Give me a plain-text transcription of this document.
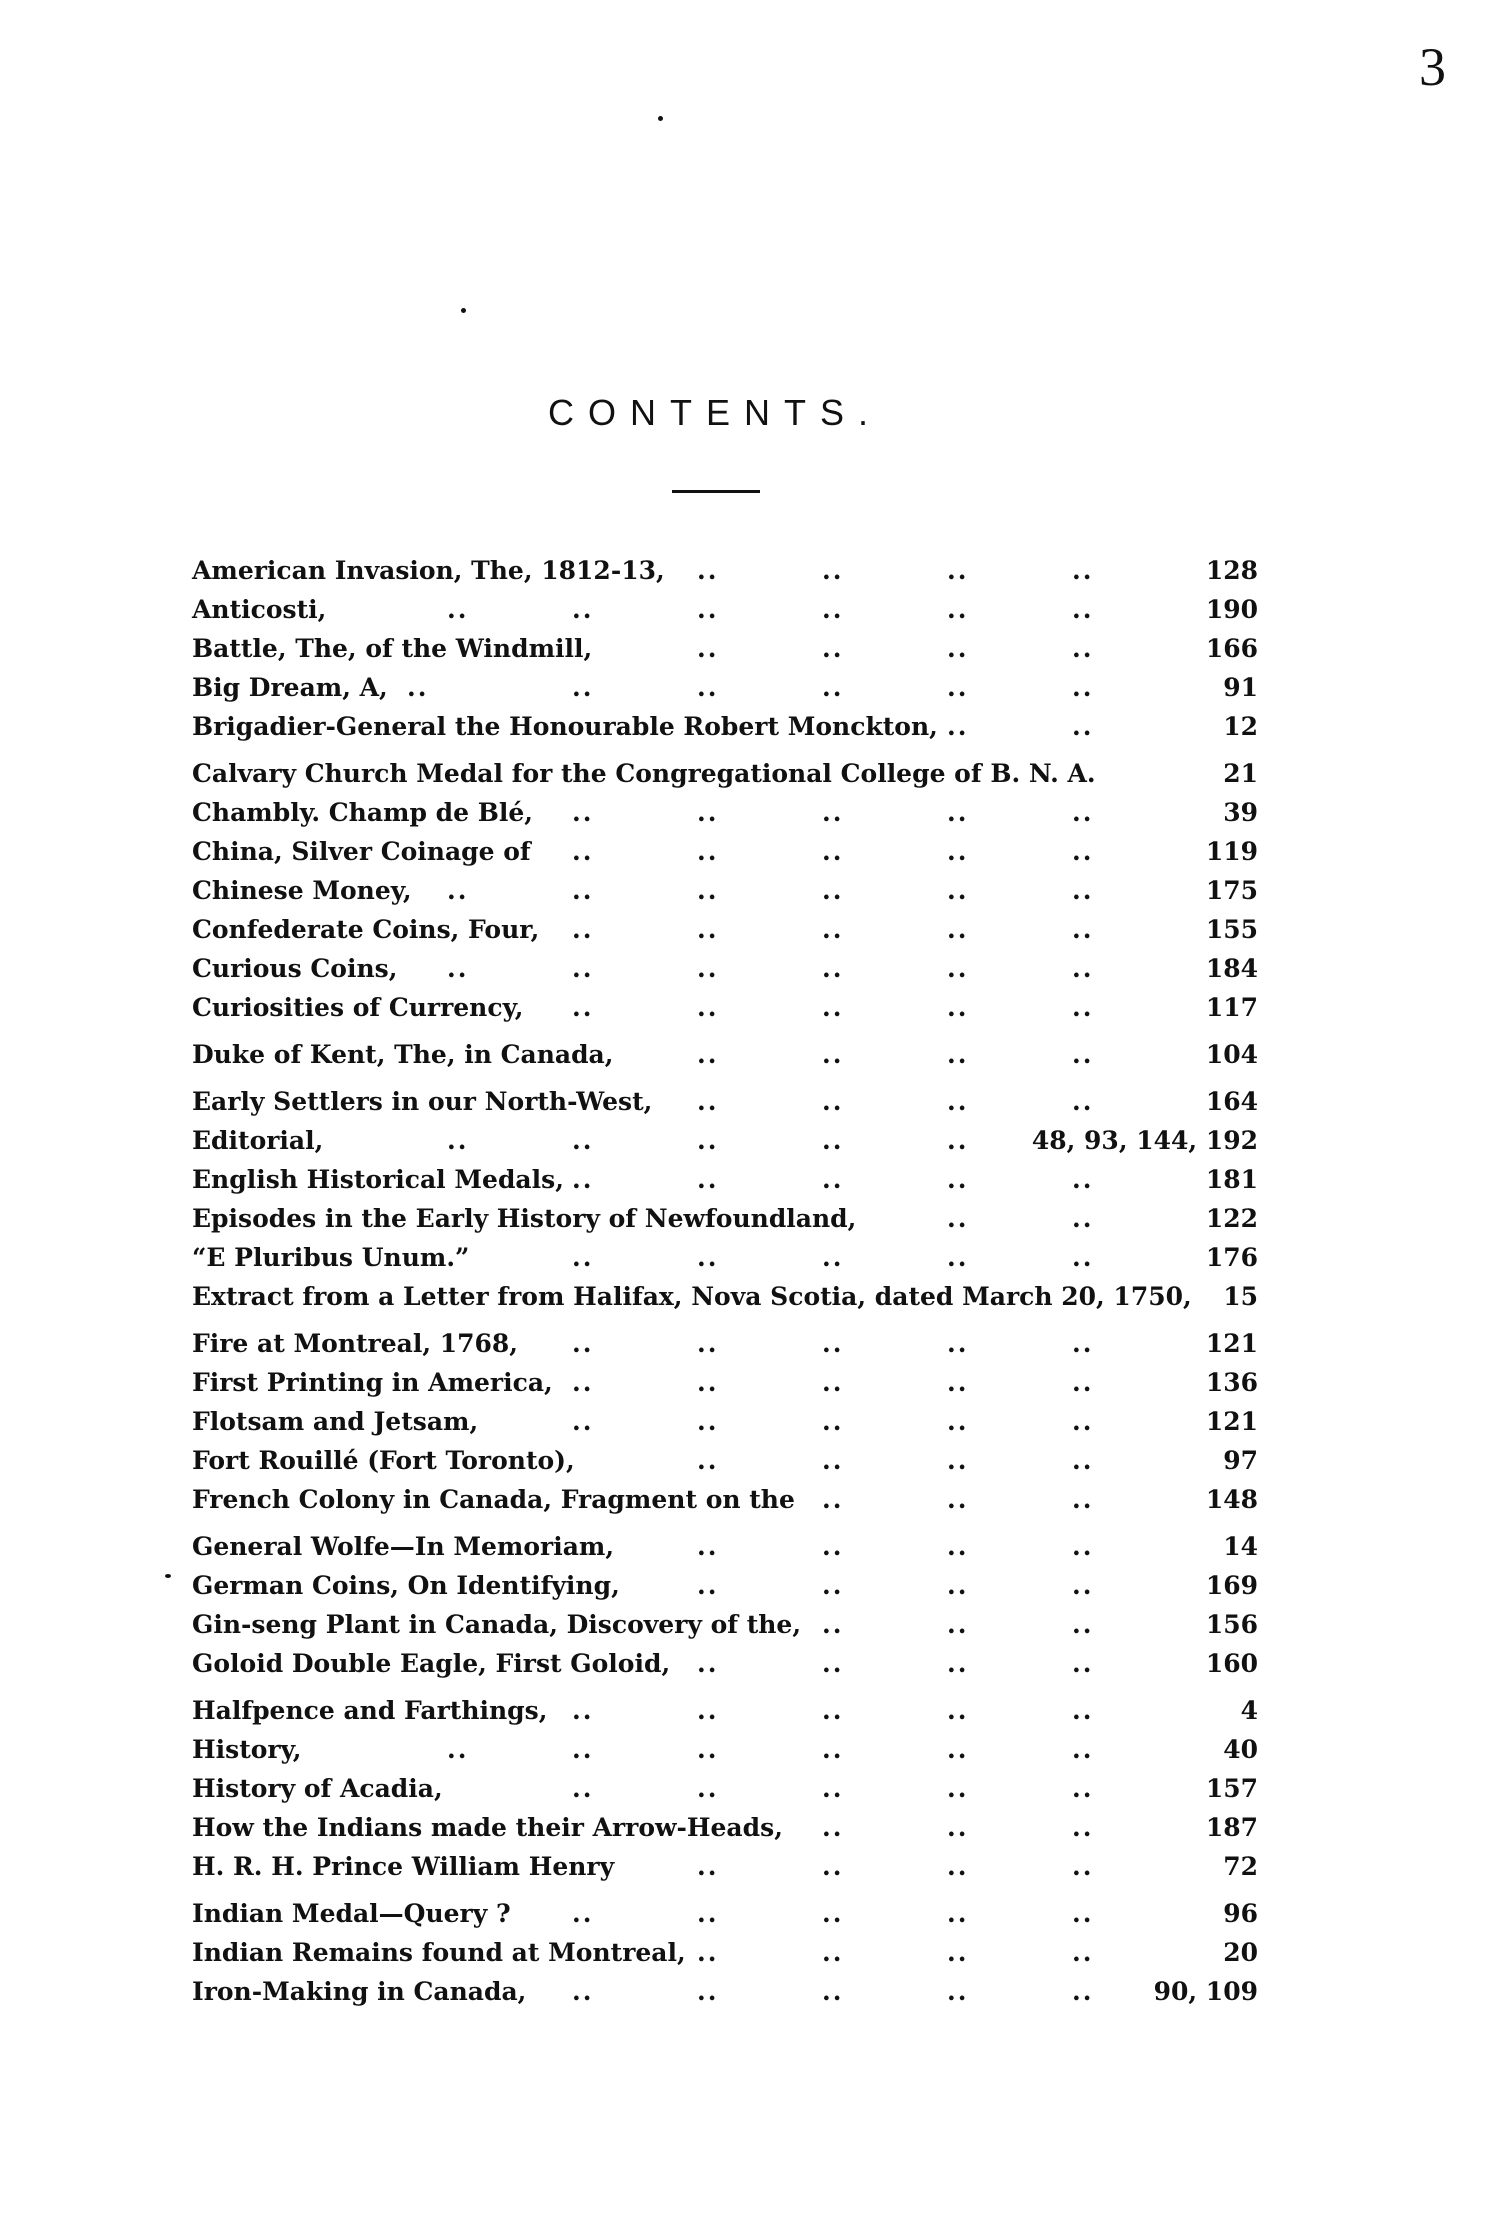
3
CONTENTS.
American Invasion, The, 1812-13, ..	..	..	..	128
Anticosti,	..	..	..	..	..	..	190
Battle, The, of the Windmill,	..	..	..	..	166
Big Dream, A, ..	..	..	..	..	..	91
Brigadier-General the Honourable Robert Monckton, ..	..	12
Calvary Church Medal for the Congregational College of B. N. A.	21
Chambly. Champ de Blé, ..	..	..	..	..	39
China, Silver Coinage of ..	..	..	..	..	119
Chinese Money, ..	..	..	..	..	..	175
Confederate Coins, Four, ..	..	..	..	..	155
Curious Coins, ..	..	..	..	..	..	184
Curiosities of Currency, ..	..	..	..	..	117
Duke of Kent, The, in Canada,	..	..	..	..	104
Early Settlers in our North-West, ..	..	..	..	164
Editorial,	..	..	..	..	..	48, 93, 144, 192
English Historical Medals, ..	..	..	..	..	181
Episodes in the Early History of Newfoundland,	..	..	122
“E Pluribus Unum.”	..	..	..	..	..	176
Extract from a Letter from Halifax, Nova Scotia, dated March 20, 1750, 15
Fire at Montreal, 1768, ..	..	..	..	..	121
First Printing in America, ..	..	..	..	..	136
Flotsam and Jetsam,	..	..	..	..	..	121
Fort Rouillé (Fort Toronto),	..	..	..	..	97
French Colony in Canada, Fragment on the ..	..	..	148
General Wolfe—In Memoriam,	..	..	..	..	14
German Coins, On Identifying,	..	..	..	..	169
Gin-seng Plant in Canada, Discovery of the, ..	..	..	156
Goloid Double Eagle, First Goloid, ..	..	..	..	160
Halfpence and Farthings, ..	..	..	..	..	4
History,	..	..	..	..	..	..	40
History of Acadia,	..	..	..	..	..	157
How the Indians made their Arrow-Heads, ..	..	..	187
H. R. H. Prince William Henry	..	..	..	..	72
Indian Medal—Query ? ..	..	..	..	..	96
Indian Remains found at Montreal, ..	..	..	..	20
Iron-Making in Canada, ..	..	..	..	.. 90, 109
